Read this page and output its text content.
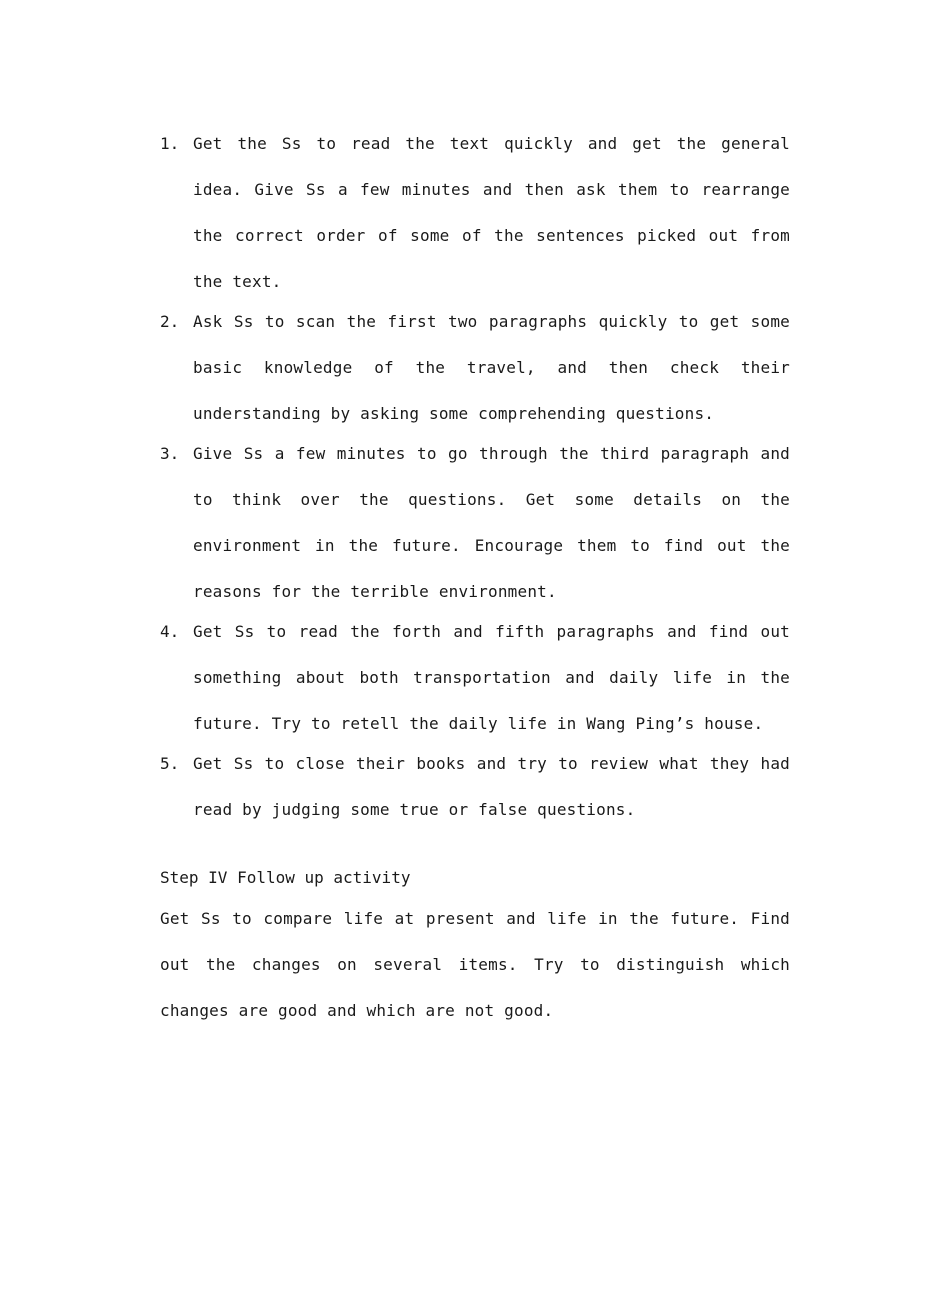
1. Get the Ss to read the text quickly and get the general idea. Give Ss a few minutes and then ask them to rearrange the correct order of some of the sentences picked out from the text.
2. Ask Ss to scan the first two paragraphs quickly to get some basic knowledge of the travel, and then check their understanding by asking some comprehending questions.
3. Give Ss a few minutes to go through the third paragraph and to think over the questions. Get some details on the environment in the future. Encourage them to find out the reasons for the terrible environment.
4. Get Ss to read the forth and fifth paragraphs and find out something about both transportation and daily life in the future. Try to retell the daily life in Wang Ping’s house.
5. Get Ss to close their books and try to review what they had read by judging some true or false questions.
Step IV Follow up activity

Get Ss to compare life at present and life in the future. Find out the changes on several items. Try to distinguish which changes are good and which are not good.
